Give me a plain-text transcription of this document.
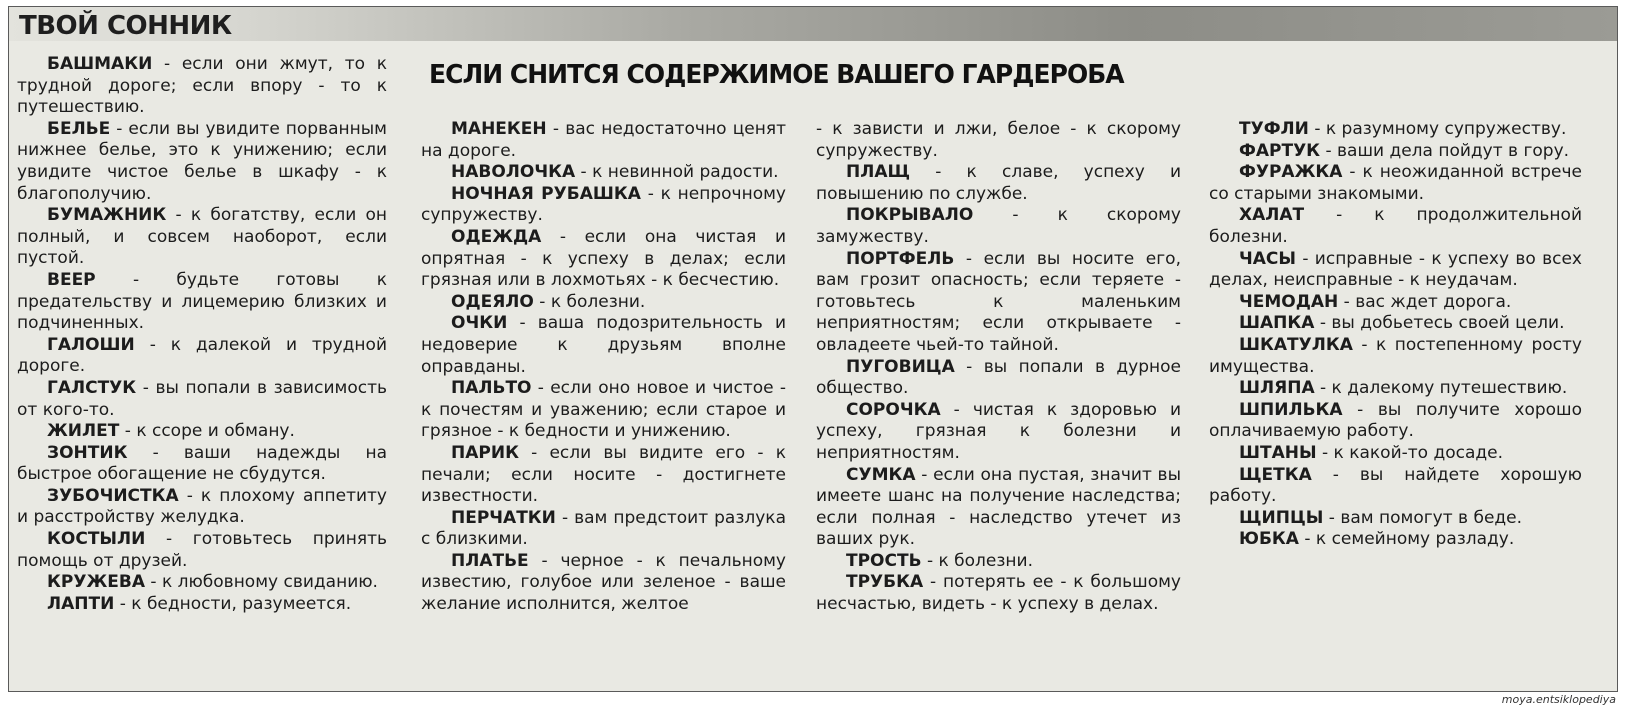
ТВОЙ СОННИК
ЕСЛИ СНИТСЯ СОДЕРЖИМОЕ ВАШЕГО ГАРДЕРОБА

БАШМАКИ - если они жмут, то к трудной дороге; если впору - то к путешествию.

БЕЛЬЕ - если вы увидите порванным нижнее белье, это к унижению; если увидите чистое белье в шкафу - к благополучию.

БУМАЖНИК - к богатству, если он полный, и совсем наоборот, если пустой.

ВЕЕР - будьте готовы к предательству и лицемерию близких и подчиненных.

ГАЛОШИ - к далекой и трудной дороге.

ГАЛСТУК - вы попали в зависимость от кого-то.

ЖИЛЕТ - к ссоре и обману.

ЗОНТИК - ваши надежды на быстрое обогащение не сбудутся.

ЗУБОЧИСТКА - к плохому аппетиту и расстройству желудка.

КОСТЫЛИ - готовьтесь принять помощь от друзей.

КРУЖЕВА - к любовному свиданию.

ЛАПТИ - к бедности, разумеется.

МАНЕКЕН - вас недостаточно ценят на дороге.

НАВОЛОЧКА - к невинной радости.

НОЧНАЯ РУБАШКА - к непрочному супружеству.

ОДЕЖДА - если она чистая и опрятная - к успеху в делах; если грязная или в лохмотьях - к бесчестию.

ОДЕЯЛО - к болезни.

ОЧКИ - ваша подозрительность и недоверие к друзьям вполне оправданы.

ПАЛЬТО - если оно новое и чистое - к почестям и уважению; если старое и грязное - к бедности и унижению.

ПАРИК - если вы видите его - к печали; если носите - достигнете известности.

ПЕРЧАТКИ - вам предстоит разлука с близкими.

ПЛАТЬЕ - черное - к печальному известию, голубое или зеленое - ваше желание исполнится, желтое

- к зависти и лжи, белое - к скорому супружеству.

ПЛАЩ - к славе, успеху и повышению по службе.

ПОКРЫВАЛО - к скорому замужеству.

ПОРТФЕЛЬ - если вы носите его, вам грозит опасность; если теряете - готовьтесь к маленьким неприятностям; если открываете - овладеете чьей-то тайной.

ПУГОВИЦА - вы попали в дурное общество.

СОРОЧКА - чистая к здоровью и успеху, грязная к болезни и неприятностям.

СУМКА - если она пустая, значит вы имеете шанс на получение наследства; если полная - наследство утечет из ваших рук.

ТРОСТЬ - к болезни.

ТРУБКА - потерять ее - к большому несчастью, видеть - к успеху в делах.

ТУФЛИ - к разумному супружеству.

ФАРТУК - ваши дела пойдут в гору.

ФУРАЖКА - к неожиданной встрече со старыми знакомыми.

ХАЛАТ - к продолжительной болезни.

ЧАСЫ - исправные - к успеху во всех делах, неисправные - к неудачам.

ЧЕМОДАН - вас ждет дорога.

ШАПКА - вы добьетесь своей цели.

ШКАТУЛКА - к постепенному росту имущества.

ШЛЯПА - к далекому путешествию.

ШПИЛЬКА - вы получите хорошо оплачиваемую работу.

ШТАНЫ - к какой-то досаде.

ЩЕТКА - вы найдете хорошую работу.

ЩИПЦЫ - вам помогут в беде.

ЮБКА - к семейному разладу.

moya.entsiklopediya
